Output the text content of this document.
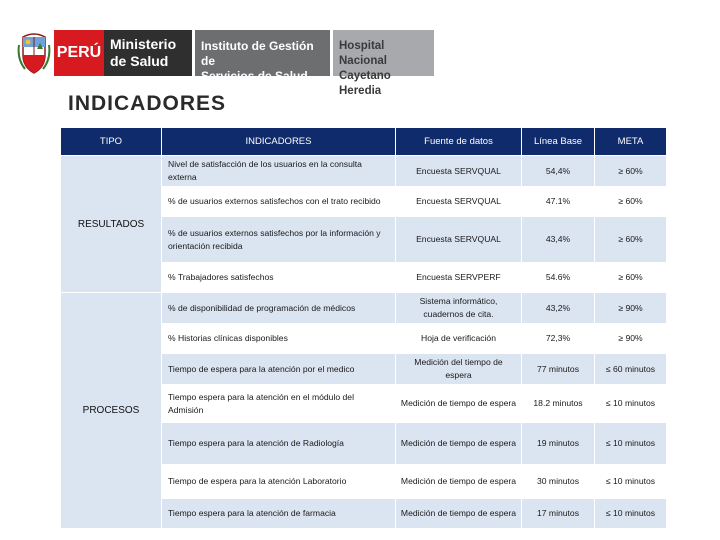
PERÚ Ministerio
de Salud
Instituto de Gestión de
Servicios de Salud
Hospital Nacional
Cayetano Heredia
INDICADORES
TIPO	INDICADORES	Fuente de datos	Línea Base	META
RESULTADOS	Nivel de satisfacción de los usuarios en la consulta externa	Encuesta SERVQUAL	54,4%	≥ 60%
	% de usuarios externos satisfechos con el trato recibido	Encuesta SERVQUAL	47.1%	≥ 60%
	% de usuarios externos satisfechos por la información y orientación recibida	Encuesta SERVQUAL	43,4%	≥ 60%
	% Trabajadores satisfechos	Encuesta SERVPERF	54.6%	≥ 60%
PROCESOS	% de disponibilidad de programación de médicos	Sistema informático, cuadernos de cita.	43,2%	≥ 90%
	% Historias clínicas disponibles	Hoja de verificación	72,3%	≥ 90%
	Tiempo de espera para la atención por el medico	Medición del tiempo de espera	77 minutos	≤ 60 minutos
	Tiempo espera para la atención en el módulo del Admisión	Medición de tiempo de espera	18.2 minutos	≤ 10 minutos
	Tiempo espera para la atención de Radiología	Medición de tiempo de espera	19 minutos	≤ 10 minutos
	Tiempo de espera para la atención Laboratorio	Medición de tiempo de espera	30 minutos	≤ 10 minutos
	Tiempo espera para la atención de farmacia	Medición de tiempo de espera	17 minutos	≤ 10 minutos
